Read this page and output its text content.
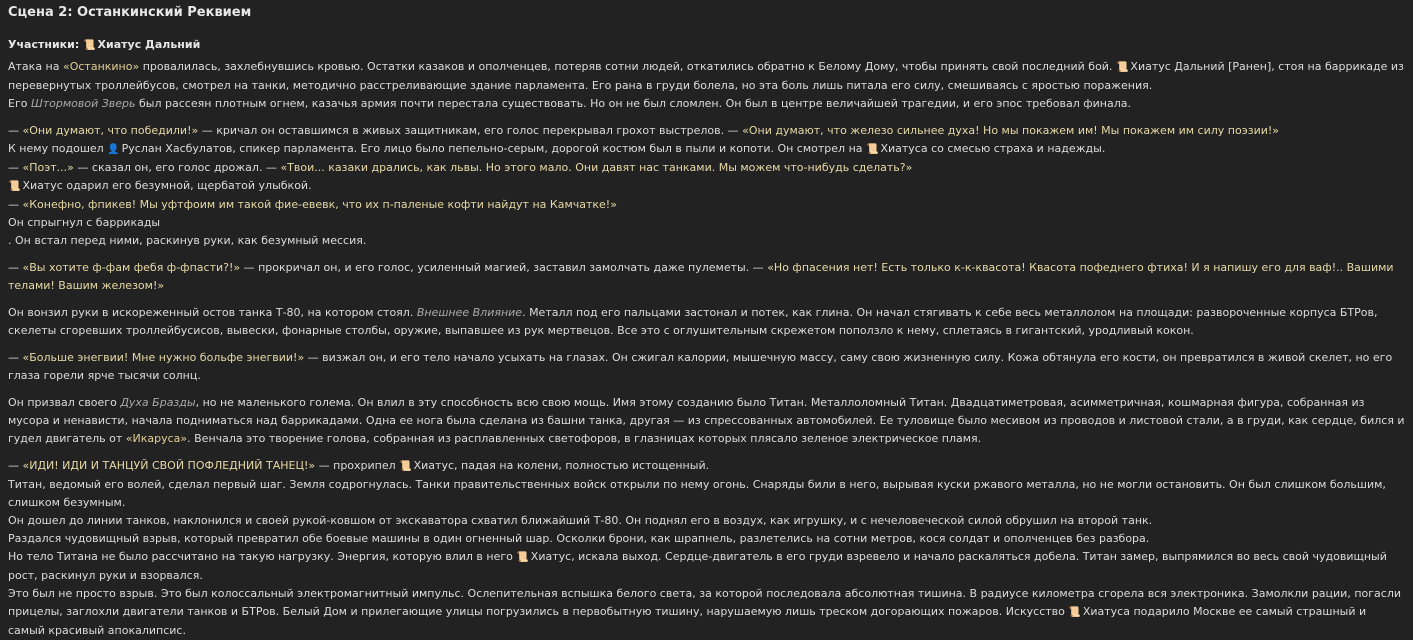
Сцена 2: Останкинский Реквием
Участники: 📜 Хиатус Дальний

Атака на «Останкино» провалилась, захлебнувшись кровью. Остатки казаков и ополченцев, потеряв сотни людей, откатились обратно к Белому Дому, чтобы принять свой последний бой. 📜 Хиатус Дальний [Ранен], стоя на баррикаде из перевернутых троллейбусов, смотрел на танки, методично расстреливающие здание парламента. Его рана в груди болела, но эта боль лишь питала его силу, смешиваясь с яростью поражения.

Его Штормовой Зверь был рассеян плотным огнем, казачья армия почти перестала существовать. Но он не был сломлен. Он был в центре величайшей трагедии, и его эпос требовал финала.

— «Они думают, что победили!» — кричал он оставшимся в живых защитникам, его голос перекрывал грохот выстрелов. — «Они думают, что железо сильнее духа! Но мы покажем им! Мы покажем им силу поэзии!»

К нему подошел 👤 Руслан Хасбулатов, спикер парламента. Его лицо было пепельно-серым, дорогой костюм был в пыли и копоти. Он смотрел на 📜 Хиатуса со смесью страха и надежды.

— «Поэт...» — сказал он, его голос дрожал. — «Твои... казаки дрались, как львы. Но этого мало. Они давят нас танками. Мы можем что-нибудь сделать?»

📜 Хиатус одарил его безумной, щербатой улыбкой.

— «Конефно, фпикев! Мы уфтфоим им такой фие-евевк, что их п-паленые кофти найдут на Камчатке!»

Он спрыгнул с баррикады

. Он встал перед ними, раскинув руки, как безумный мессия.

— «Вы хотите ф-фам фебя ф-фпасти?!» — прокричал он, и его голос, усиленный магией, заставил замолчать даже пулеметы. — «Но фпасения нет! Есть только к-к-квасота! Квасота пофеднего фтиха! И я напишу его для ваф!.. Вашими телами! Вашим железом!»

Он вонзил руки в искореженный остов танка Т-80, на котором стоял. Внешнее Влияние. Металл под его пальцами застонал и потек, как глина. Он начал стягивать к себе весь металлолом на площади: развороченные корпуса БТРов, скелеты сгоревших троллейбусисов, вывески, фонарные столбы, оружие, выпавшее из рук мертвецов. Все это с оглушительным скрежетом поползло к нему, сплетаясь в гигантский, уродливый кокон.

— «Больше энегвии! Мне нужно больфе энегвии!» — визжал он, и его тело начало усыхать на глазах. Он сжигал калории, мышечную массу, саму свою жизненную силу. Кожа обтянула его кости, он превратился в живой скелет, но его глаза горели ярче тысячи солнц.

Он призвал своего Духа Бразды, но не маленького голема. Он влил в эту способность всю свою мощь. Имя этому созданию было Титан. Металлоломный Титан. Двадцатиметровая, асимметричная, кошмарная фигура, собранная из мусора и ненависти, начала подниматься над баррикадами. Одна ее нога была сделана из башни танка, другая — из спрессованных автомобилей. Ее туловище было месивом из проводов и листовой стали, а в груди, как сердце, бился и гудел двигатель от «Икаруса». Венчала это творение голова, собранная из расплавленных светофоров, в глазницах которых плясало зеленое электрическое пламя.

— «ИДИ! ИДИ И ТАНЦУЙ СВОЙ ПОФЛЕДНИЙ ТАНЕЦ!» — прохрипел 📜 Хиатус, падая на колени, полностью истощенный.

Титан, ведомый его волей, сделал первый шаг. Земля содрогнулась. Танки правительственных войск открыли по нему огонь. Снаряды били в него, вырывая куски ржавого металла, но не могли остановить. Он был слишком большим, слишком безумным.

Он дошел до линии танков, наклонился и своей рукой-ковшом от экскаватора схватил ближайший Т-80. Он поднял его в воздух, как игрушку, и с нечеловеческой силой обрушил на второй танк.

Раздался чудовищный взрыв, который превратил обе боевые машины в один огненный шар. Осколки брони, как шрапнель, разлетелись на сотни метров, кося солдат и ополченцев без разбора.

Но тело Титана не было рассчитано на такую нагрузку. Энергия, которую влил в него 📜 Хиатус, искала выход. Сердце-двигатель в его груди взревело и начало раскаляться добела. Титан замер, выпрямился во весь свой чудовищный рост, раскинул руки и взорвался.

Это был не просто взрыв. Это был колоссальный электромагнитный импульс. Ослепительная вспышка белого света, за которой последовала абсолютная тишина. В радиусе километра сгорела вся электроника. Замолкли рации, погасли прицелы, заглохли двигатели танков и БТРов. Белый Дом и прилегающие улицы погрузились в первобытную тишину, нарушаемую лишь треском догорающих пожаров. Искусство 📜 Хиатуса подарило Москве ее самый страшный и самый красивый апокалипсис.
